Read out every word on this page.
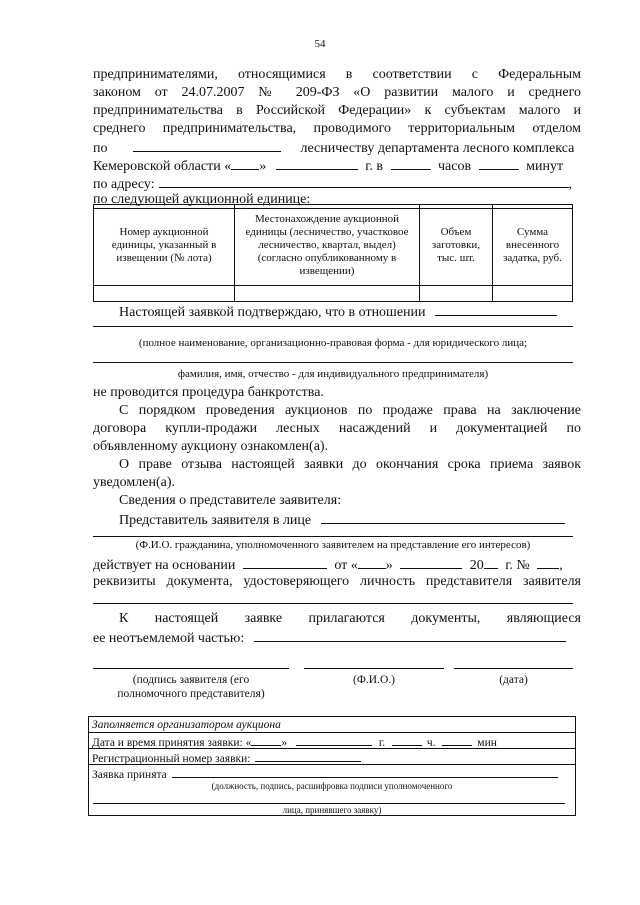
54
предпринимателями, относящимися в соответствии с Федеральным
законом от 24.07.2007 № 209-ФЗ «О развитии малого и среднего
предпринимательства в Российской Федерации» к субъектам малого и
среднего предпринимательства, проводимого территориальным отделом
по	лесничеству департамента лесного комплекса
Кемеровской области « »	г. в	часов	минут
по адресу:	,
по следующей аукционной единице:
Номер аукционной единицы, указанный в извещении (№ лота)	Местонахождение аукционной единицы (лесничество, участковое лесничество, квартал, выдел) (согласно опубликованному в извещении)	Объем заготовки, тыс. шт.	Сумма внесенного задатка, руб.

Настоящей заявкой подтверждаю, что в отношении
(полное наименование, организационно-правовая форма - для юридического лица;
фамилия, имя, отчество - для индивидуального предпринимателя)
не проводится процедура банкротства.
С порядком проведения аукционов по продаже права на заключение
договора купли-продажи лесных насаждений и документацией по
объявленному аукциону ознакомлен(а).
О праве отзыва настоящей заявки до окончания срока приема заявок
уведомлен(а).
Сведения о представителе заявителя:
Представитель заявителя в лице
(Ф.И.О. гражданина, уполномоченного заявителем на представление его интересов)
действует на основании	от « »	20 г. № ,
реквизиты документа, удостоверяющего личность представителя заявителя
К настоящей заявке прилагаются документы, являющиеся
ее неотъемлемой частью:
(подпись заявителя (его
полномочного представителя)
(Ф.И.О.)	(дата)
Заполняется организатором аукциона
Дата и время принятия заявки: «	»	г.	ч.	мин
Регистрационный номер заявки:
Заявка принята
(должность, подпись, расшифровка подписи уполномоченного
лица, принявшего заявку)
